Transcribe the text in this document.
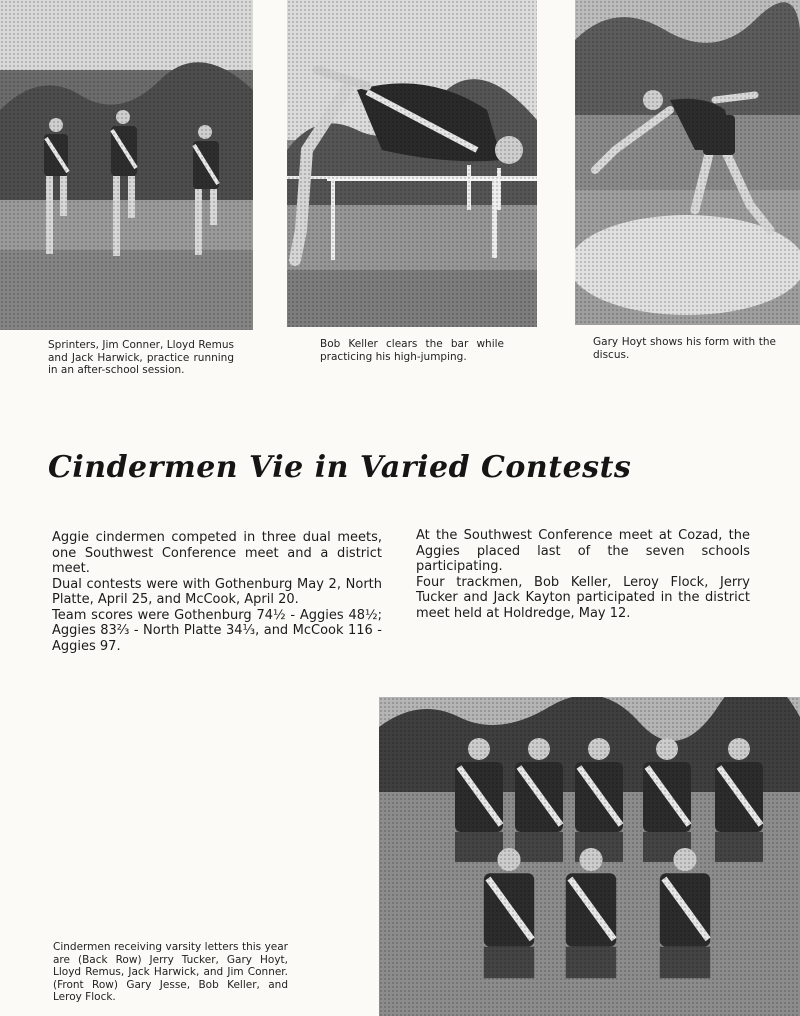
Sprinters, Jim Conner, Lloyd Remus and Jack Harwick, practice running in an after-school session.
Bob Keller clears the bar while practicing his high-jumping.
Gary Hoyt shows his form with the discus.
Cindermen Vie in Varied Contests

Aggie cindermen competed in three dual meets, one Southwest Conference meet and a district meet.

Dual contests were with Gothenburg May 2, North Platte, April 25, and McCook, April 20.

Team scores were Gothenburg 74½ - Aggies 48½; Aggies 83⅔ - North Platte 34⅓, and McCook 116 - Aggies 97.

At the Southwest Conference meet at Cozad, the Aggies placed last of the seven schools participating.

Four trackmen, Bob Keller, Leroy Flock, Jerry Tucker and Jack Kayton participated in the district meet held at Holdredge, May 12.

Cindermen receiving varsity letters this year are (Back Row) Jerry Tucker, Gary Hoyt, Lloyd Remus, Jack Harwick, and Jim Conner. (Front Row) Gary Jesse, Bob Keller, and Leroy Flock.
